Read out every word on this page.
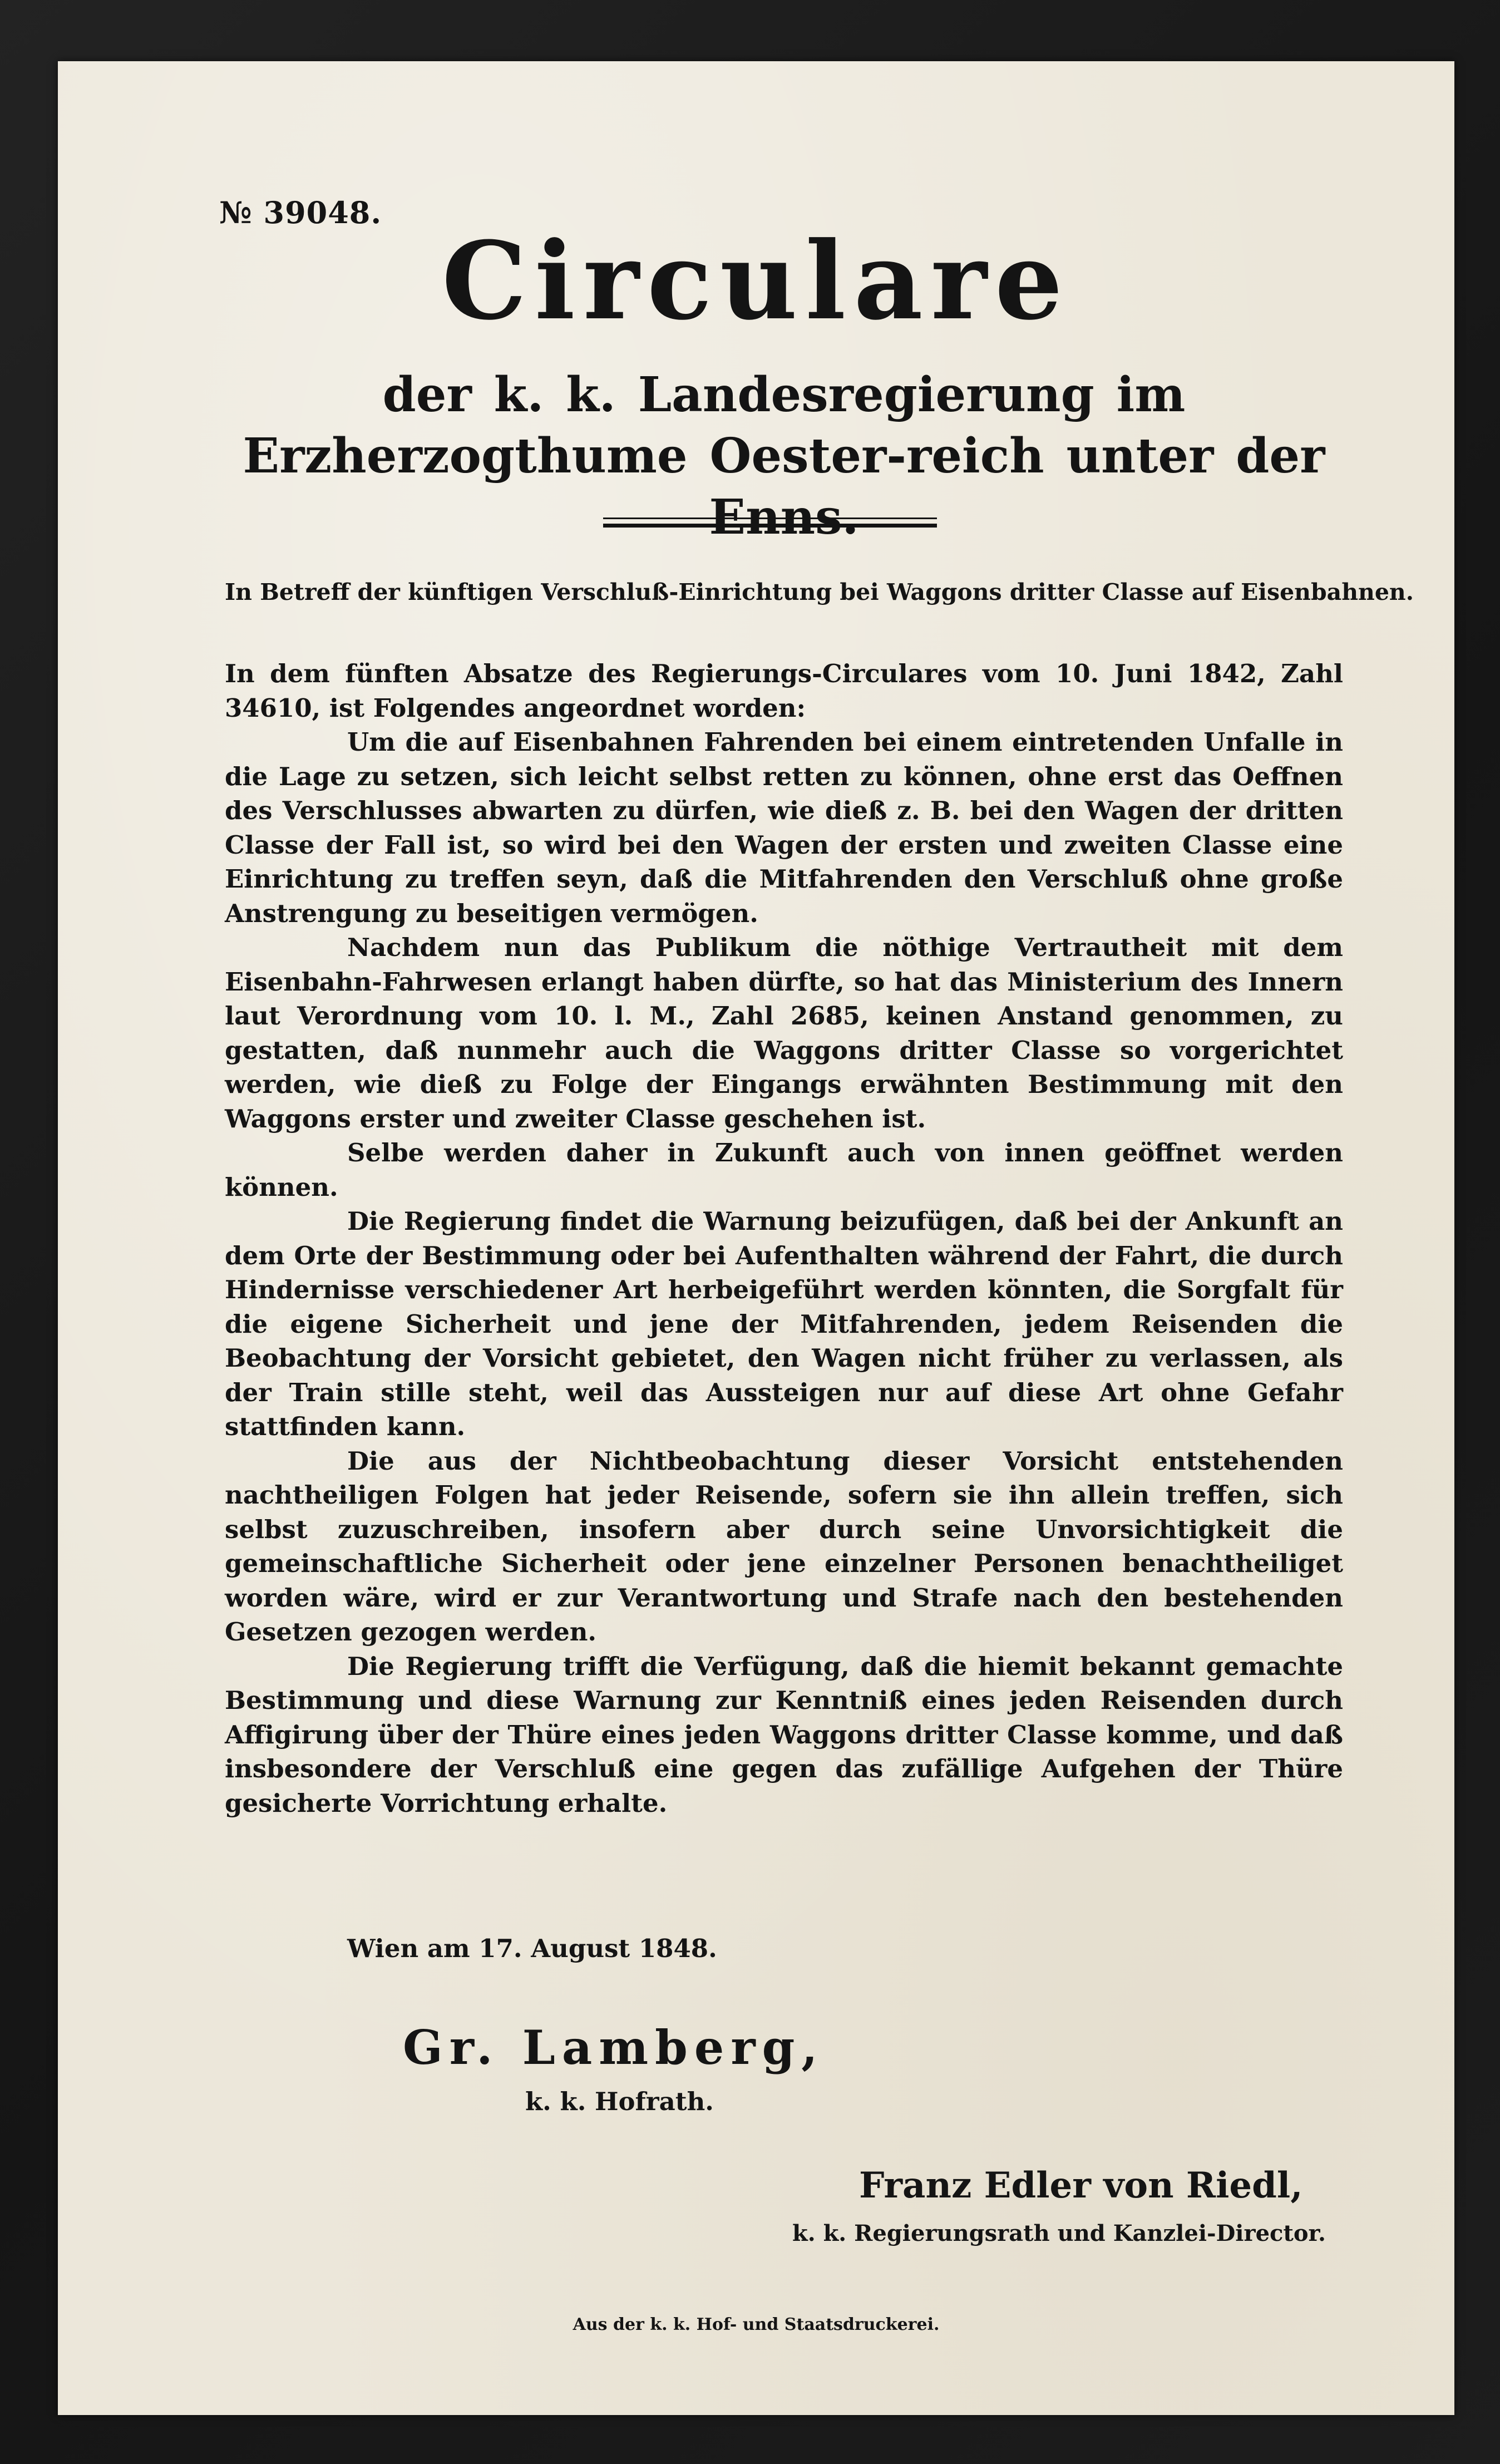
№ 39048.
Circulare
der k. k. Landesregierung im Erzherzogthume Oester-reich unter der Enns.
In Betreff der künftigen Verschluß-Einrichtung bei Waggons dritter Classe auf Eisenbahnen.

In dem fünften Absatze des Regierungs-Circulares vom 10. Juni 1842, Zahl 34610, ist Folgendes angeordnet worden:

Um die auf Eisenbahnen Fahrenden bei einem eintretenden Unfalle in die Lage zu setzen, sich leicht selbst retten zu können, ohne erst das Oeffnen des Verschlusses abwarten zu dürfen, wie dieß z. B. bei den Wagen der dritten Classe der Fall ist, so wird bei den Wagen der ersten und zweiten Classe eine Einrichtung zu treffen seyn, daß die Mitfahrenden den Verschluß ohne große Anstrengung zu beseitigen vermögen.

Nachdem nun das Publikum die nöthige Vertrautheit mit dem Eisenbahn-Fahrwesen erlangt haben dürfte, so hat das Ministerium des Innern laut Verordnung vom 10. l. M., Zahl 2685, keinen Anstand genommen, zu gestatten, daß nunmehr auch die Waggons dritter Classe so vorgerichtet werden, wie dieß zu Folge der Eingangs erwähnten Bestimmung mit den Waggons erster und zweiter Classe geschehen ist.

Selbe werden daher in Zukunft auch von innen geöffnet werden können.

Die Regierung findet die Warnung beizufügen, daß bei der Ankunft an dem Orte der Bestimmung oder bei Aufenthalten während der Fahrt, die durch Hindernisse verschiedener Art herbeigeführt werden könnten, die Sorgfalt für die eigene Sicherheit und jene der Mitfahrenden, jedem Reisenden die Beobachtung der Vorsicht gebietet, den Wagen nicht früher zu verlassen, als der Train stille steht, weil das Aussteigen nur auf diese Art ohne Gefahr stattfinden kann.

Die aus der Nichtbeobachtung dieser Vorsicht entstehenden nachtheiligen Folgen hat jeder Reisende, sofern sie ihn allein treffen, sich selbst zuzuschreiben, insofern aber durch seine Unvorsichtigkeit die gemeinschaftliche Sicherheit oder jene einzelner Personen benachtheiliget worden wäre, wird er zur Verantwortung und Strafe nach den bestehenden Gesetzen gezogen werden.

Die Regierung trifft die Verfügung, daß die hiemit bekannt gemachte Bestimmung und diese Warnung zur Kenntniß eines jeden Reisenden durch Affigirung über der Thüre eines jeden Waggons dritter Classe komme, und daß insbesondere der Verschluß eine gegen das zufällige Aufgehen der Thüre gesicherte Vorrichtung erhalte.

Wien am 17. August 1848.
Gr. Lamberg,
k. k. Hofrath.
Franz Edler von Riedl,
k. k. Regierungsrath und Kanzlei-Director.
Aus der k. k. Hof- und Staatsdruckerei.
